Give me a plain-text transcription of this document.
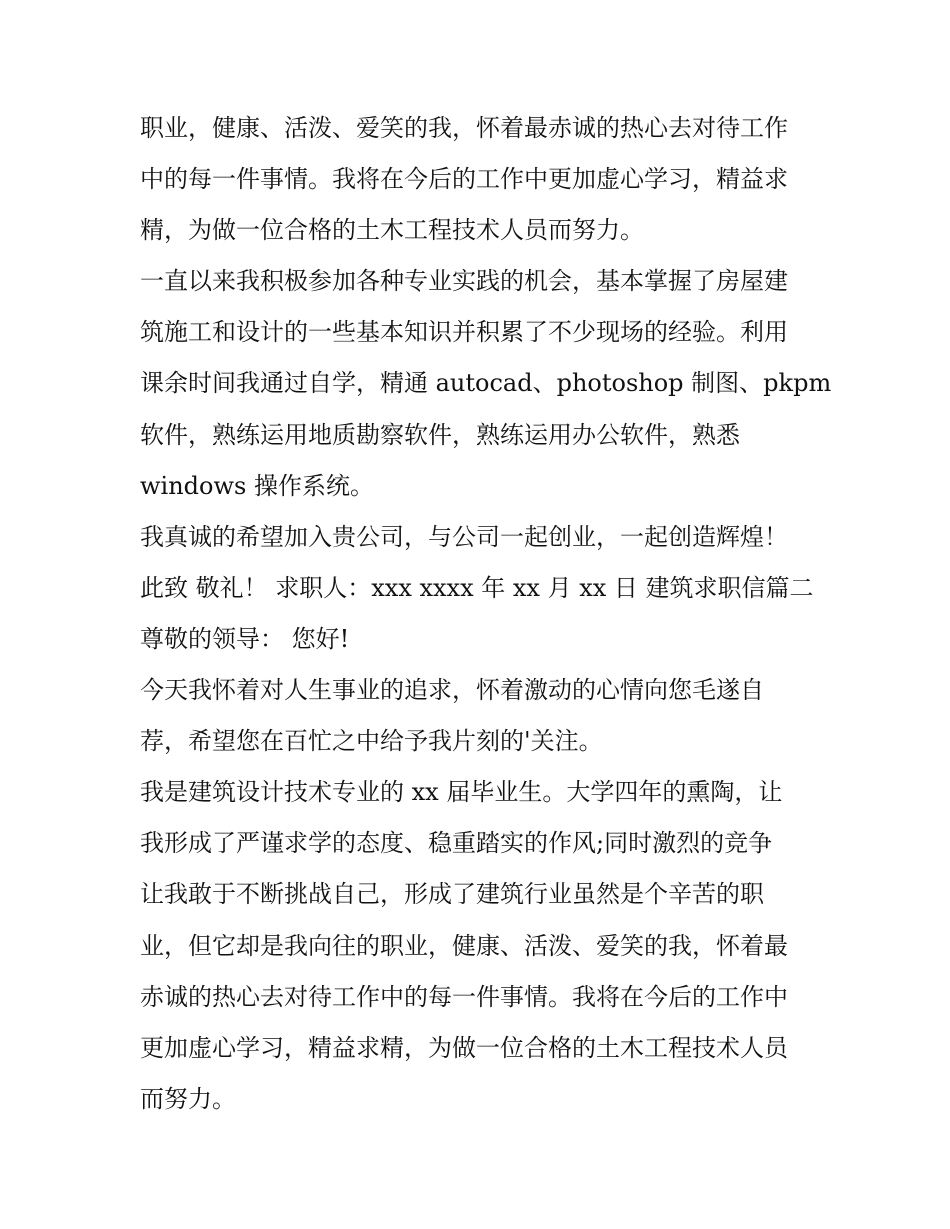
职业，健康、活泼、爱笑的我，怀着最赤诚的热心去对待工作
中的每一件事情。我将在今后的工作中更加虚心学习，精益求
精，为做一位合格的土木工程技术人员而努力。
一直以来我积极参加各种专业实践的机会，基本掌握了房屋建
筑施工和设计的一些基本知识并积累了不少现场的经验。利用
课余时间我通过自学，精通 autocad、photoshop 制图、pkpm
软件，熟练运用地质勘察软件，熟练运用办公软件，熟悉
windows 操作系统。
我真诚的希望加入贵公司，与公司一起创业，一起创造辉煌！
此致 敬礼！ 求职人：xxx xxxx 年 xx 月 xx 日 建筑求职信篇二
尊敬的领导： 您好!
今天我怀着对人生事业的追求，怀着激动的心情向您毛遂自
荐，希望您在百忙之中给予我片刻的'关注。
我是建筑设计技术专业的 xx 届毕业生。大学四年的熏陶，让
我形成了严谨求学的态度、稳重踏实的作风;同时激烈的竞争
让我敢于不断挑战自己，形成了建筑行业虽然是个辛苦的职
业，但它却是我向往的职业，健康、活泼、爱笑的我，怀着最
赤诚的热心去对待工作中的每一件事情。我将在今后的工作中
更加虚心学习，精益求精，为做一位合格的土木工程技术人员
而努力。
